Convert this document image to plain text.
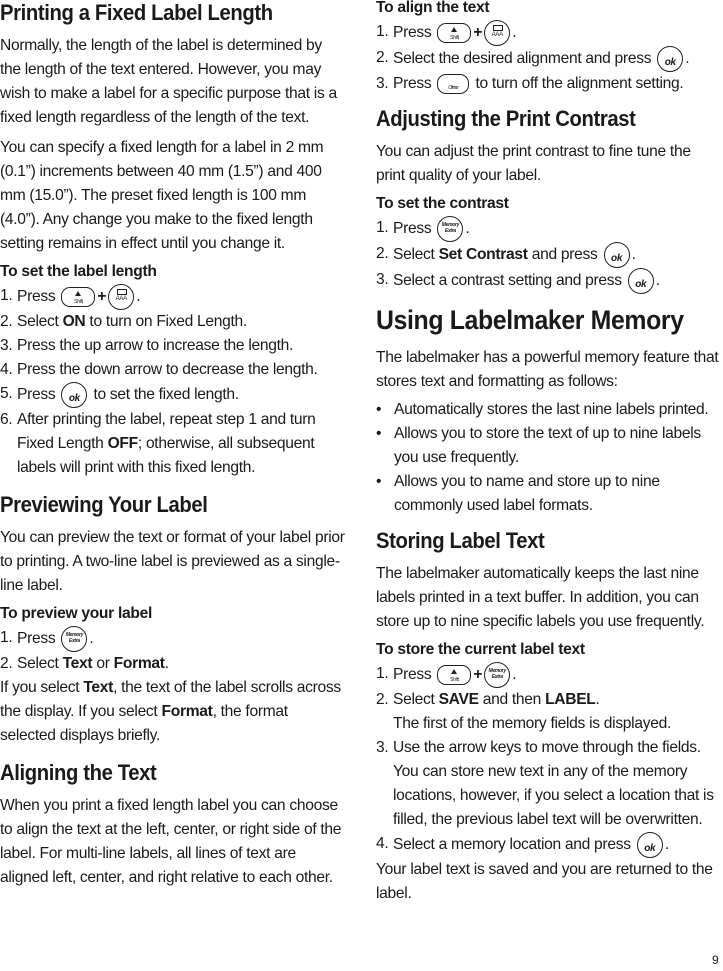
Printing a Fixed Label Length

Normally, the length of the label is determined by the length of the text entered. However, you may wish to make a label for a specific purpose that is a fixed length regardless of the length of the text.

You can specify a fixed length for a label in 2 mm (0.1”) increments between 40 mm (1.5”) and 400 mm (15.0”). The preset fixed length is 100 mm (4.0”). Any change you make to the fixed length setting remains in effect until you change it.

To set the label length
1. Press Shift	+ AAA .
2. Select ON to turn on Fixed Length.
3. Press the up arrow to increase the length.
4. Press the down arrow to decrease the length.
5. Press ok to set the fixed length.
6. After printing the label, repeat step 1 and turn Fixed Length OFF; otherwise, all subsequent labels will print with this fixed length.
Previewing Your Label

You can preview the text or format of your label prior to printing. A two-line label is previewed as a single-line label.

To preview your label
1. Press Memory Extra .
2. Select Text or Format.

If you select Text, the text of the label scrolls across the display. If you select Format, the format selected displays briefly.

Aligning the Text

When you print a fixed length label you can choose to align the text at the left, center, or right side of the label. For multi-line labels, all lines of text are aligned left, center, and right relative to each other.

To align the text
1. Press Shift	+ AAA .
2. Select the desired alignment and press ok .
3. Press ← Clear	to turn off the alignment setting.
Adjusting the Print Contrast

You can adjust the print contrast to fine tune the print quality of your label.

To set the contrast
1. Press Memory Extra .
2. Select Set Contrast and press ok .
3. Select a contrast setting and press ok .
Using Labelmaker Memory

The labelmaker has a powerful memory feature that stores text and formatting as follows:

• Automatically stores the last nine labels printed.
• Allows you to store the text of up to nine labels you use frequently.
• Allows you to name and store up to nine commonly used label formats.
Storing Label Text

The labelmaker automatically keeps the last nine labels printed in a text buffer. In addition, you can store up to nine specific labels you use frequently.

To store the current label text
1. Press Shift	+ Memory Extra .
2. Select SAVE and then LABEL.
The first of the memory fields is displayed.
3. Use the arrow keys to move through the fields. You can store new text in any of the memory locations, however, if you select a location that is filled, the previous label text will be overwritten.
4. Select a memory location and press ok .

Your label text is saved and you are returned to the label.

9
